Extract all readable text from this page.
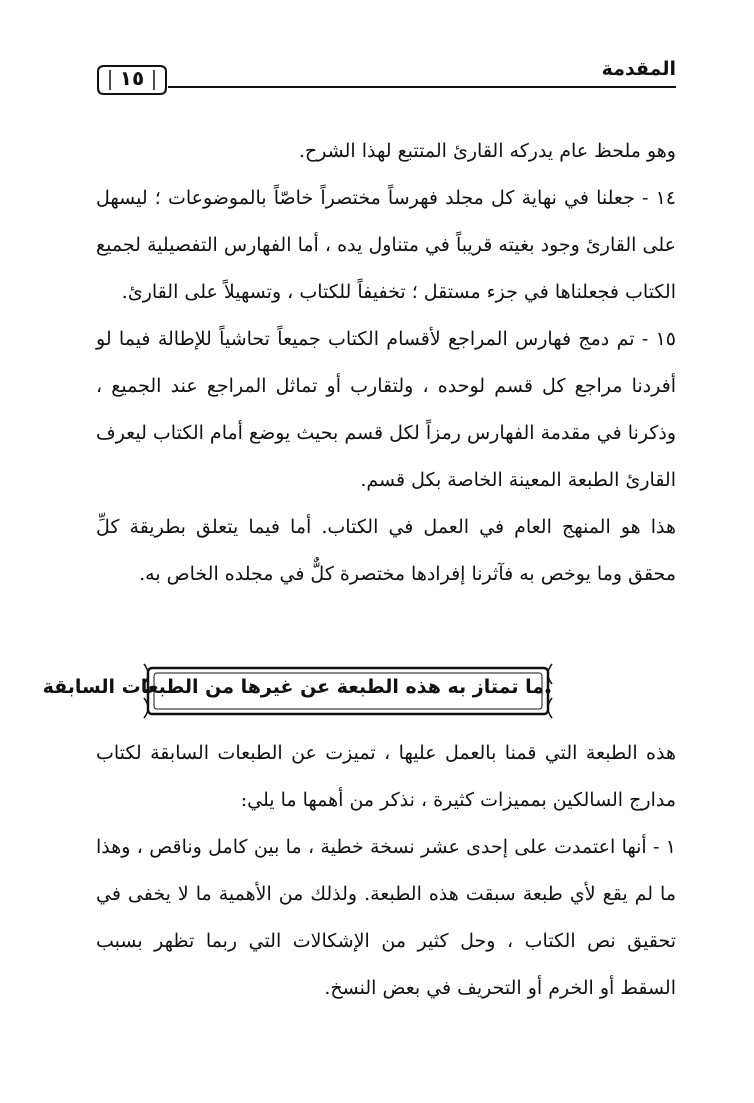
المقدمة
١٥

وهو ملحظ عام يدركه القارئ المتتبع لهذا الشرح.

١٤ - جعلنا في نهاية كل مجلد فهرساً مختصراً خاصّاً بالموضوعات ؛ ليسهل على القارئ وجود بغيته قريباً في متناول يده ، أما الفهارس التفصيلية لجميع الكتاب فجعلناها في جزء مستقل ؛ تخفيفاً للكتاب ، وتسهيلاً على القارئ.

١٥ - تم دمج فهارس المراجع لأقسام الكتاب جميعاً تحاشياً للإطالة فيما لو أفردنا مراجع كل قسم لوحده ، ولتقارب أو تماثل المراجع عند الجميع ، وذكرنا في مقدمة الفهارس رمزاً لكل قسم بحيث يوضع أمام الكتاب ليعرف القارئ الطبعة المعينة الخاصة بكل قسم.

هذا هو المنهج العام في العمل في الكتاب. أما فيما يتعلق بطريقة كلِّ محقق وما يوخص به فآثرنا إفرادها مختصرة كلٌّ في مجلده الخاص به.

ما تمتاز به هذه الطبعة عن غيرها من الطبعات السابقة

هذه الطبعة التي قمنا بالعمل عليها ، تميزت عن الطبعات السابقة لكتاب مدارج السالكين بمميزات كثيرة ، نذكر من أهمها ما يلي:

١ - أنها اعتمدت على إحدى عشر نسخة خطية ، ما بين كامل وناقص ، وهذا ما لم يقع لأي طبعة سبقت هذه الطبعة. ولذلك من الأهمية ما لا يخفى في تحقيق نص الكتاب ، وحل كثير من الإشكالات التي ربما تظهر بسبب السقط أو الخرم أو التحريف في بعض النسخ.
